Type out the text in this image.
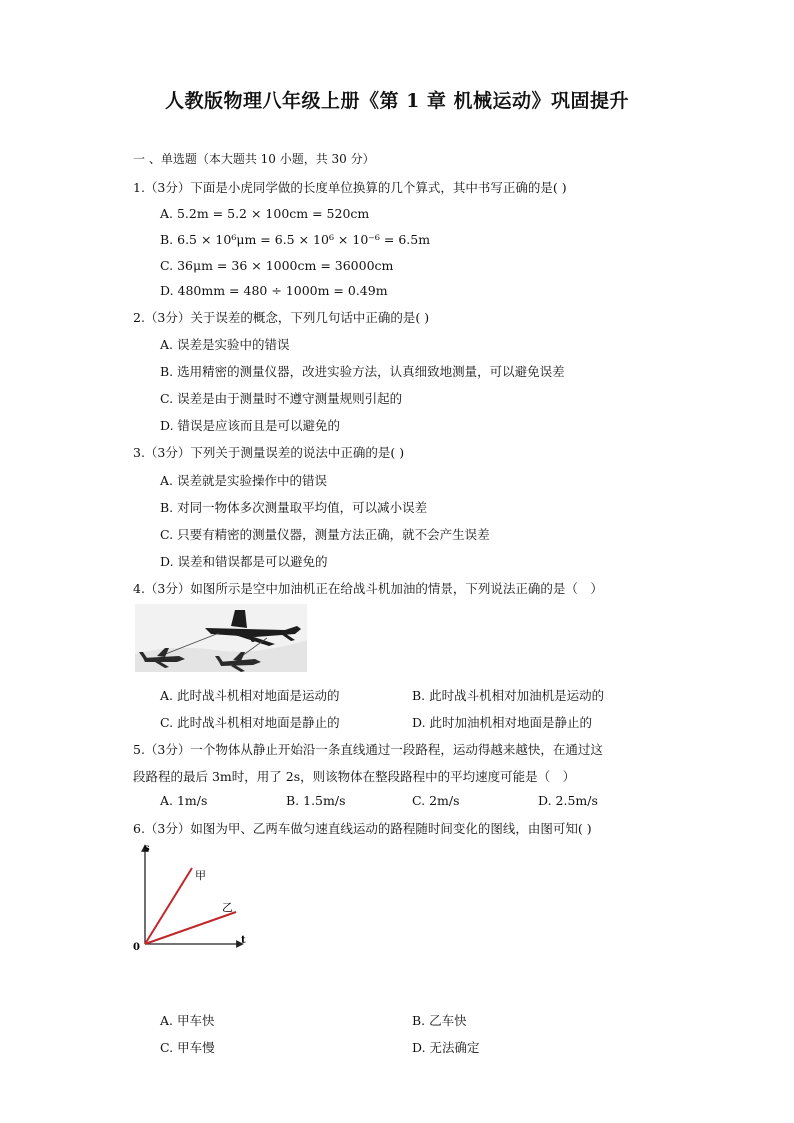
人教版物理八年级上册《第 1 章 机械运动》巩固提升
一 、单选题（本大题共 10 小题，共 30 分）
1.（3分）下面是小虎同学做的长度单位换算的几个算式，其中书写正确的是( )
A. 5.2m = 5.2 × 100cm = 520cm
B. 6.5 × 10⁶μm = 6.5 × 10⁶ × 10⁻⁶ = 6.5m
C. 36μm = 36 × 1000cm = 36000cm
D. 480mm = 480 ÷ 1000m = 0.49m
2.（3分）关于误差的概念，下列几句话中正确的是( )
A. 误差是实验中的错误
B. 选用精密的测量仪器，改进实验方法，认真细致地测量，可以避免误差
C. 误差是由于测量时不遵守测量规则引起的
D. 错误是应该而且是可以避免的
3.（3分）下列关于测量误差的说法中正确的是( )
A. 误差就是实验操作中的错误
B. 对同一物体多次测量取平均值，可以减小误差
C. 只要有精密的测量仪器，测量方法正确，就不会产生误差
D. 误差和错误都是可以避免的
4.（3分）如图所示是空中加油机正在给战斗机加油的情景，下列说法正确的是（　）
A. 此时战斗机相对地面是运动的	B. 此时战斗机相对加油机是运动的
C. 此时战斗机相对地面是静止的	D. 此时加油机相对地面是静止的
5.（3分）一个物体从静止开始沿一条直线通过一段路程，运动得越来越快，在通过这
段路程的最后 3m时，用了 2s，则该物体在整段路程中的平均速度可能是（　）
A. 1m/s	B. 1.5m/s	C. 2m/s	D. 2.5m/s
6.（3分）如图为甲、乙两车做匀速直线运动的路程随时间变化的图线，由图可知( )
s
t
0
甲
乙
A. 甲车快	B. 乙车快
C. 甲车慢	D. 无法确定
